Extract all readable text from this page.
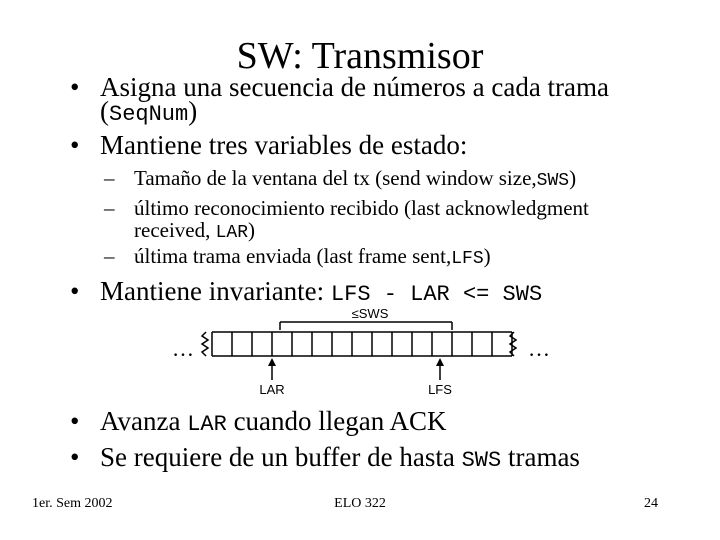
SW: Transmisor
• Asigna una secuencia de números a cada trama
(SeqNum)
• Mantiene tres variables de estado:
– Tamaño de la ventana del tx (send window size,SWS)
– último reconocimiento recibido (last acknowledgment
received, LAR)
– última trama enviada (last frame sent,LFS)
• Mantiene invariante: LFS - LAR <= SWS
≤SWS
…	…
LAR	LFS
• Avanza LAR cuando llegan ACK
• Se requiere de un buffer de hasta SWS tramas
1er. Sem 2002	ELO 322	24
